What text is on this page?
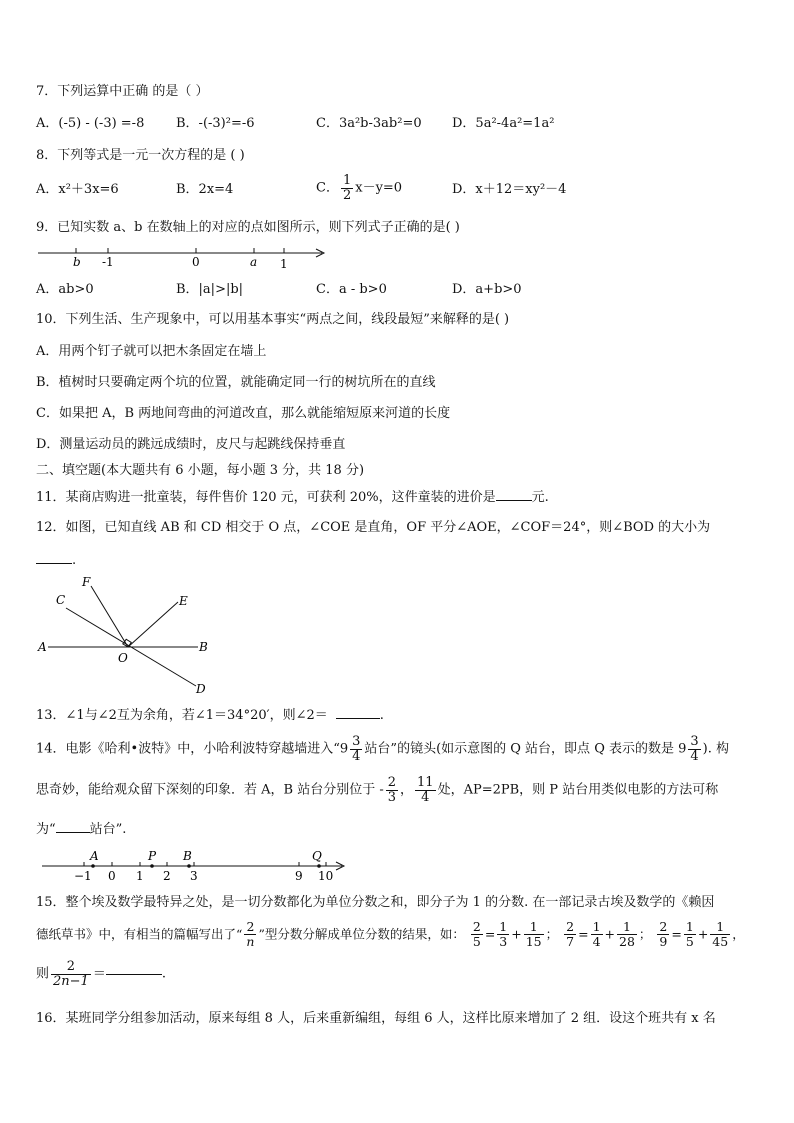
7．下列运算中正确 的是（ ）
A．(-5) - (-3) =-8 B．-(-3)²=-6	C．3a²b-3ab²=0 D．5a²-4a²=1a²
8．下列等式是一元一次方程的是 ( )
A．x²＋3x=6	B．2x=4	C． $\frac{1}{2} x-y=0$	D．x＋12＝xy²－4
9．已知实数 a、b 在数轴上的对应的点如图所示，则下列式子正确的是( )
b -1	0	a 1
A．ab>0	B．|a|>|b|	C．a - b>0	D．a+b>0
10．下列生活、生产现象中，可以用基本事实“两点之间，线段最短”来解释的是( )
A．用两个钉子就可以把木条固定在墙上
B．植树时只要确定两个坑的位置，就能确定同一行的树坑所在的直线
C．如果把 A，B 两地间弯曲的河道改直，那么就能缩短原来河道的长度
D．测量运动员的跳远成绩时，皮尺与起跳线保持垂直
二、填空题(本大题共有 6 小题，每小题 3 分，共 18 分)
11．某商店购进一批童装，每件售价 120 元，可获利 20%，这件童装的进价是	元.
12．如图，已知直线 AB 和 CD 相交于 O 点，∠COE 是直角，OF 平分∠AOE，∠COF＝24°，则∠BOD 的大小为
.
F
C	E
A
O
B
D
13．∠1与∠2互为余角，若∠1＝34°20′，则∠2＝	.
14．电影《哈利•波特》中，小哈利波特穿越墙进入“$9 \frac{3}{4}$ 站台”的镜头(如示意图的 Q 站台，即点 Q 表示的数是 $9 \frac{3}{4}$ ). 构
思奇妙，能给观众留下深刻的印象．若 A，B 站台分别位于 - $\frac{2}{3}$ ， $\frac{11}{4}$ 处，AP=2PB，则 P 站台用类似电影的方法可称
为“	站台”.
A	P B	Q
−1 0 1 2 3	9 10
15．整个埃及数学最特异之处，是一切分数都化为单位分数之和，即分子为 1 的分数. 在一部记录古埃及数学的《赖因
德纸草书》中，有相当的篇幅写出了“ $\frac{2}{n}$ ”型分数分解成单位分数的结果，如： $\frac{2}{5} = \frac{1}{3} + \frac{1}{15}$ ； $\frac{2}{7} = \frac{1}{4} + \frac{1}{28}$ ； $\frac{2}{9} = \frac{1}{5} + \frac{1}{45}$ ，
则 $\frac{2}{2n-1}$ ＝	.
16．某班同学分组参加活动，原来每组 8 人，后来重新编组，每组 6 人，这样比原来增加了 2 组．设这个班共有 x 名
